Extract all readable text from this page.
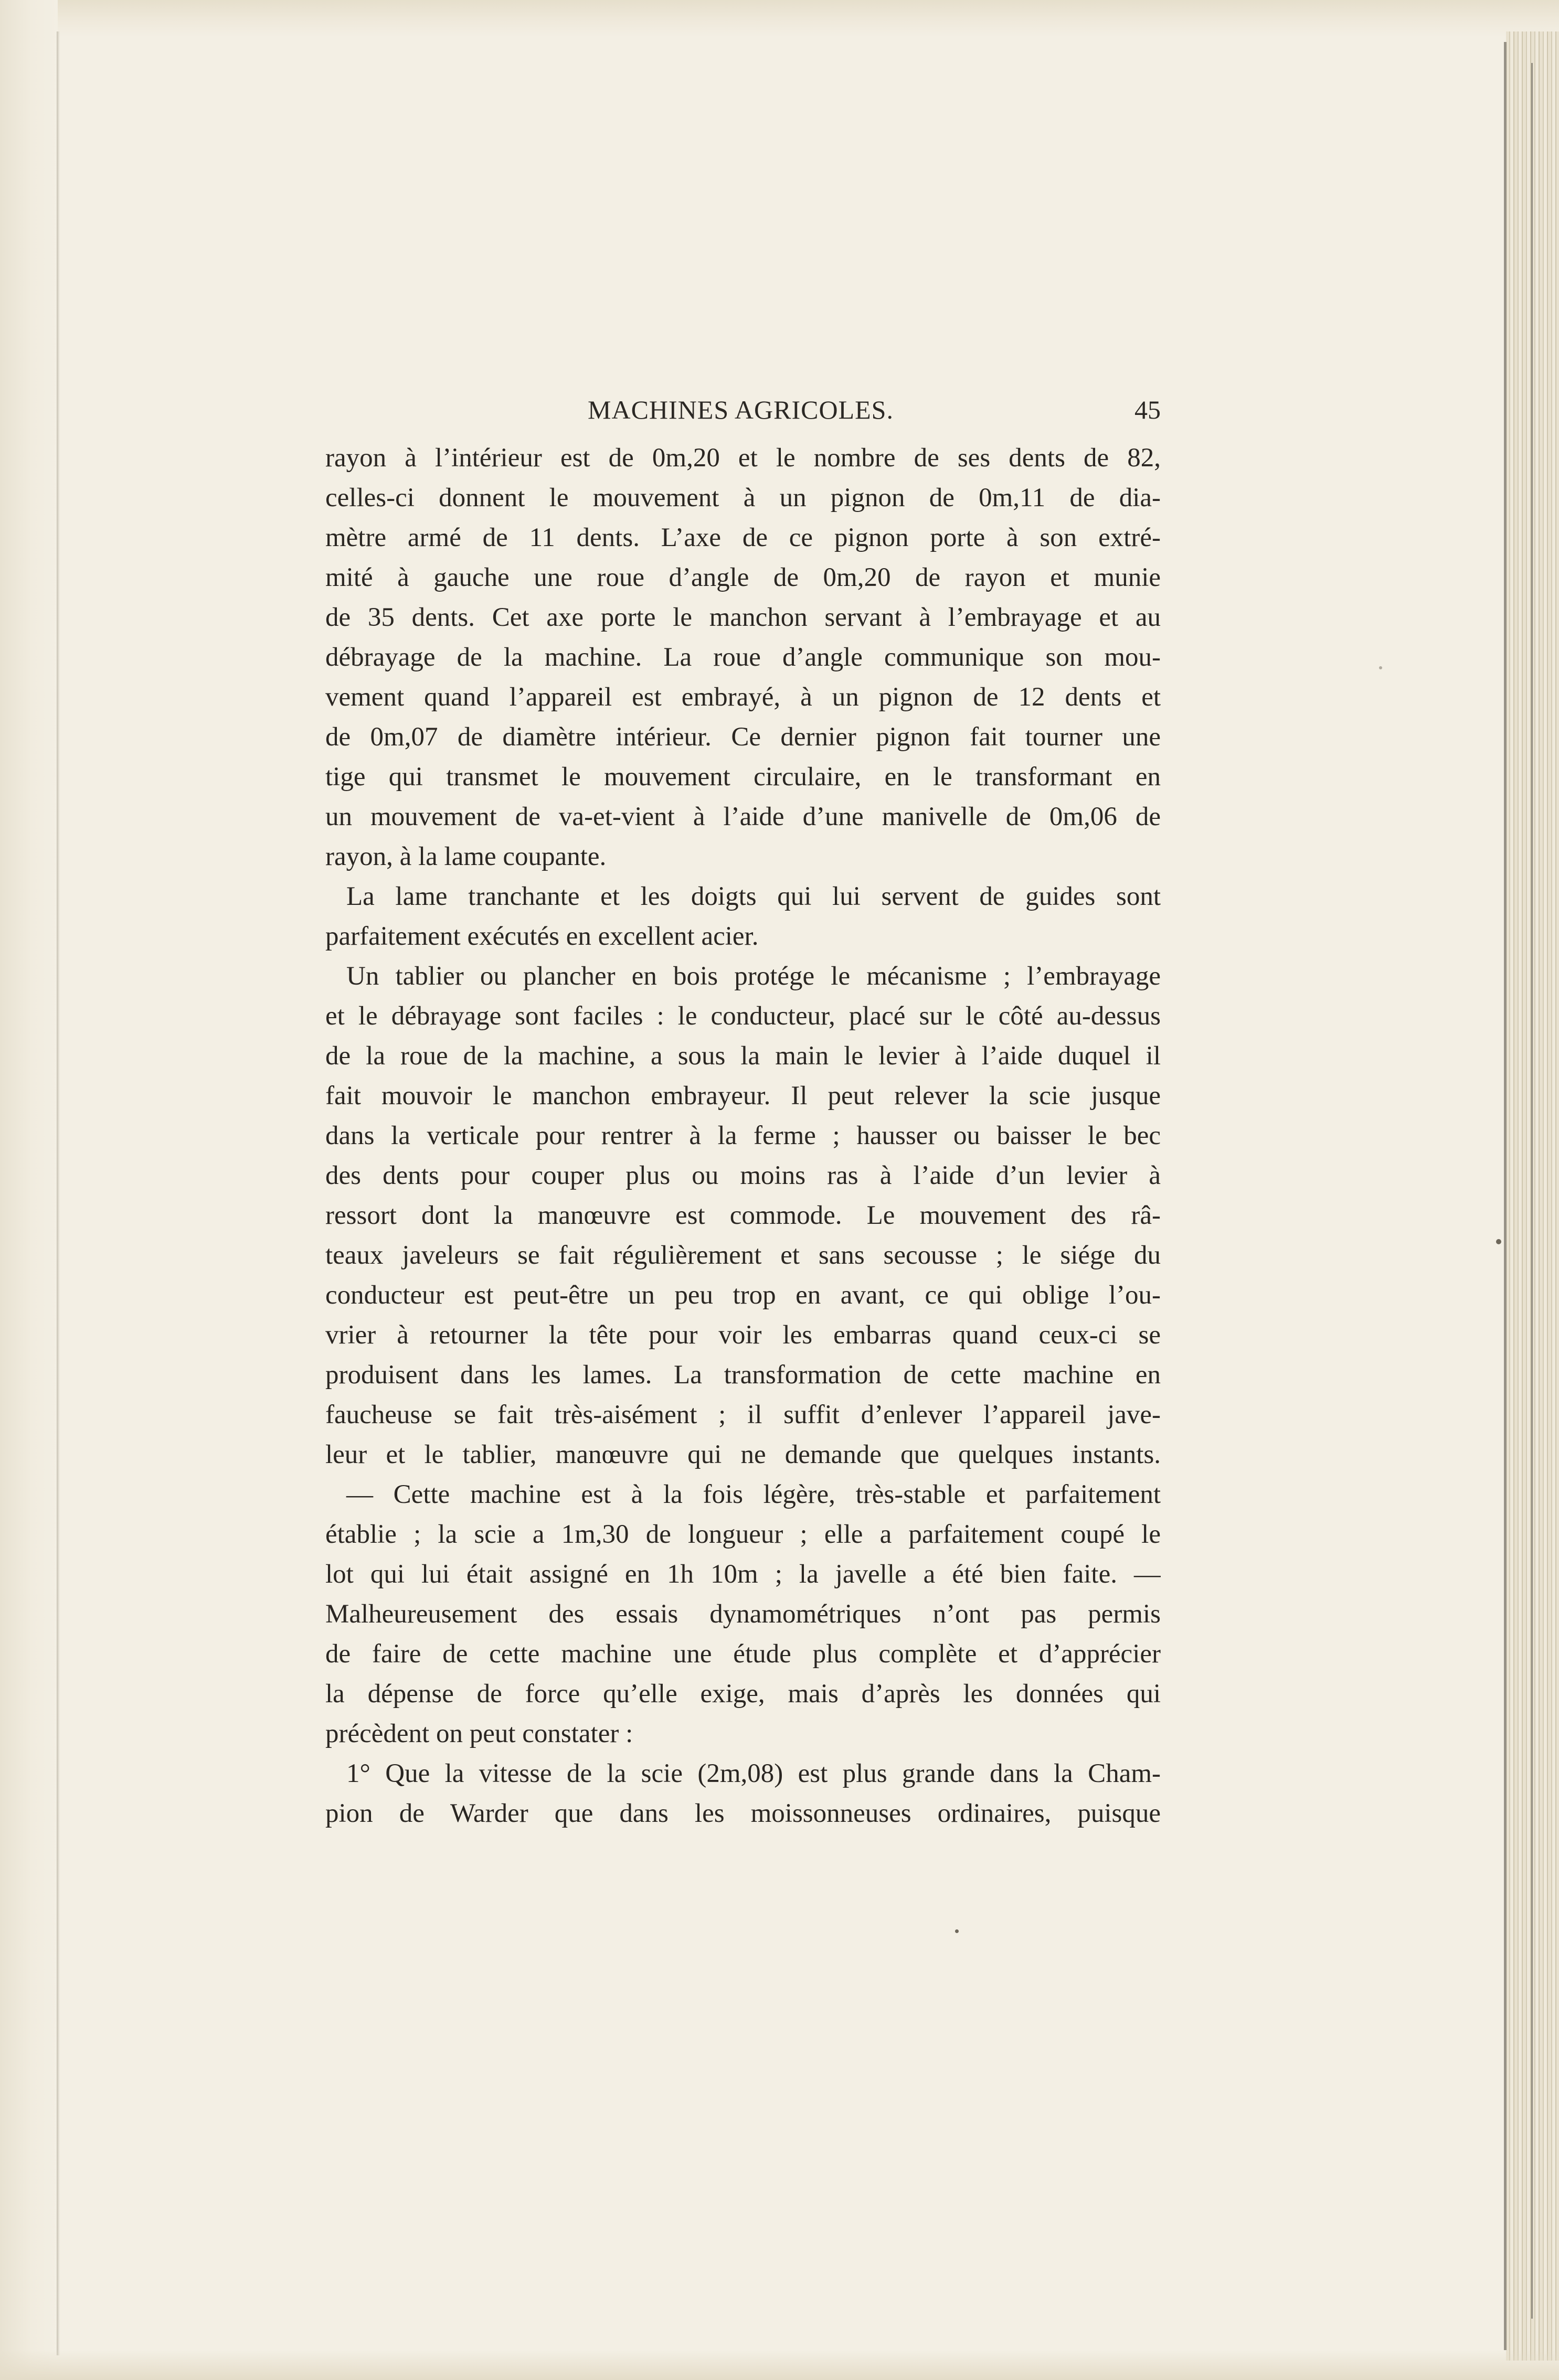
MACHINES AGRICOLES.	45
rayon à l’intérieur est de 0m,20 et le nombre de ses dents de 82,
celles-ci donnent le mouvement à un pignon de 0m,11 de dia-
mètre armé de 11 dents. L’axe de ce pignon porte à son extré-
mité à gauche une roue d’angle de 0m,20 de rayon et munie
de 35 dents. Cet axe porte le manchon servant à l’embrayage et au
débrayage de la machine. La roue d’angle communique son mou-
vement quand l’appareil est embrayé, à un pignon de 12 dents et
de 0m,07 de diamètre intérieur. Ce dernier pignon fait tourner une
tige qui transmet le mouvement circulaire, en le transformant en
un mouvement de va-et-vient à l’aide d’une manivelle de 0m,06 de
rayon, à la lame coupante.
La lame tranchante et les doigts qui lui servent de guides sont
parfaitement exécutés en excellent acier.
Un tablier ou plancher en bois protége le mécanisme ; l’embrayage
et le débrayage sont faciles : le conducteur, placé sur le côté au-dessus
de la roue de la machine, a sous la main le levier à l’aide duquel il
fait mouvoir le manchon embrayeur. Il peut relever la scie jusque
dans la verticale pour rentrer à la ferme ; hausser ou baisser le bec
des dents pour couper plus ou moins ras à l’aide d’un levier à
ressort dont la manœuvre est commode. Le mouvement des râ-
teaux javeleurs se fait régulièrement et sans secousse ; le siége du
conducteur est peut-être un peu trop en avant, ce qui oblige l’ou-
vrier à retourner la tête pour voir les embarras quand ceux-ci se
produisent dans les lames. La transformation de cette machine en
faucheuse se fait très-aisément ; il suffit d’enlever l’appareil jave-
leur et le tablier, manœuvre qui ne demande que quelques instants.
— Cette machine est à la fois légère, très-stable et parfaitement
établie ; la scie a 1m,30 de longueur ; elle a parfaitement coupé le
lot qui lui était assigné en 1h 10m ; la javelle a été bien faite. —
Malheureusement des essais dynamométriques n’ont pas permis
de faire de cette machine une étude plus complète et d’apprécier
la dépense de force qu’elle exige, mais d’après les données qui
précèdent on peut constater :
1° Que la vitesse de la scie (2m,08) est plus grande dans la Cham-
pion de Warder que dans les moissonneuses ordinaires, puisque
